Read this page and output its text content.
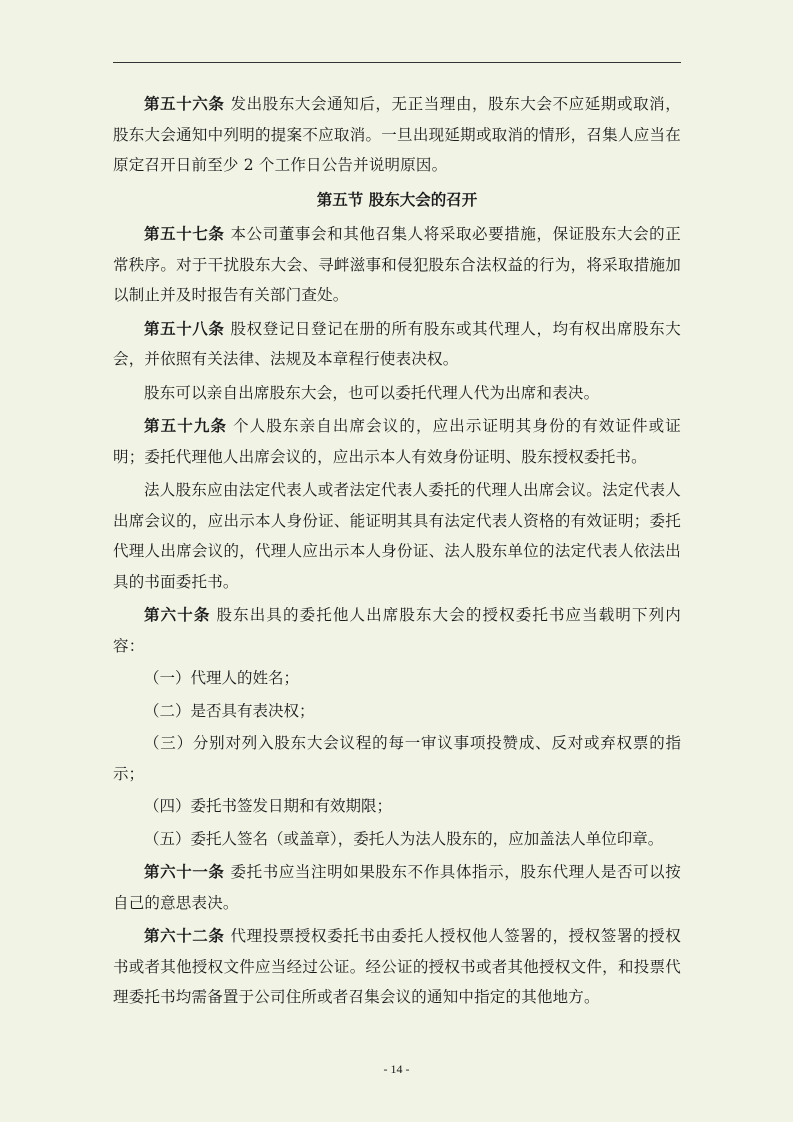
第五十六条 发出股东大会通知后，无正当理由，股东大会不应延期或取消，股东大会通知中列明的提案不应取消。一旦出现延期或取消的情形，召集人应当在原定召开日前至少 2 个工作日公告并说明原因。

第五节 股东大会的召开

第五十七条 本公司董事会和其他召集人将采取必要措施，保证股东大会的正常秩序。对于干扰股东大会、寻衅滋事和侵犯股东合法权益的行为，将采取措施加以制止并及时报告有关部门查处。

第五十八条 股权登记日登记在册的所有股东或其代理人，均有权出席股东大会，并依照有关法律、法规及本章程行使表决权。

股东可以亲自出席股东大会，也可以委托代理人代为出席和表决。

第五十九条 个人股东亲自出席会议的，应出示证明其身份的有效证件或证明；委托代理他人出席会议的，应出示本人有效身份证明、股东授权委托书。

法人股东应由法定代表人或者法定代表人委托的代理人出席会议。法定代表人出席会议的，应出示本人身份证、能证明其具有法定代表人资格的有效证明；委托代理人出席会议的，代理人应出示本人身份证、法人股东单位的法定代表人依法出具的书面委托书。

第六十条 股东出具的委托他人出席股东大会的授权委托书应当载明下列内容：

（一）代理人的姓名；

（二）是否具有表决权；

（三）分别对列入股东大会议程的每一审议事项投赞成、反对或弃权票的指示；

（四）委托书签发日期和有效期限；

（五）委托人签名（或盖章），委托人为法人股东的，应加盖法人单位印章。

第六十一条 委托书应当注明如果股东不作具体指示，股东代理人是否可以按自己的意思表决。

第六十二条 代理投票授权委托书由委托人授权他人签署的，授权签署的授权书或者其他授权文件应当经过公证。经公证的授权书或者其他授权文件，和投票代理委托书均需备置于公司住所或者召集会议的通知中指定的其他地方。

- 14 -
